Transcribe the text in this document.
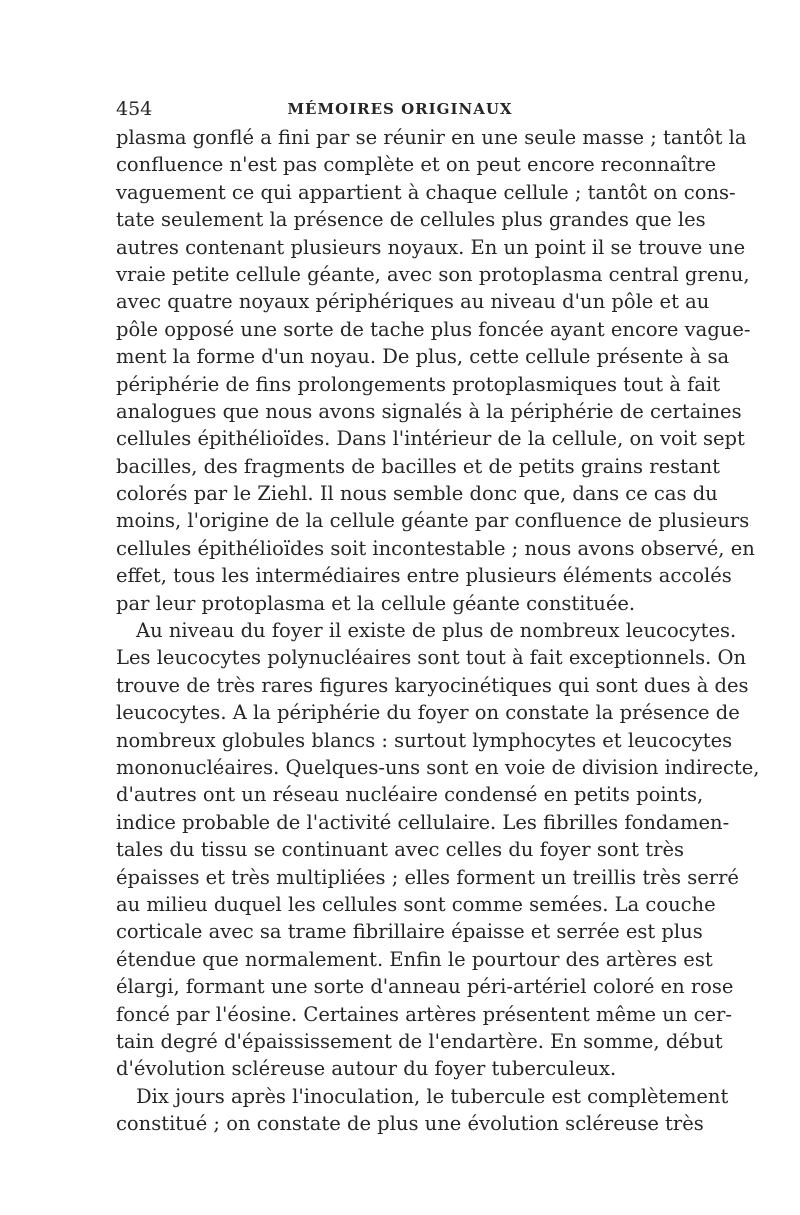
454	MÉMOIRES ORIGINAUX
plasma gonflé a fini par se réunir en une seule masse ; tantôt la
confluence n'est pas complète et on peut encore reconnaître
vaguement ce qui appartient à chaque cellule ; tantôt on cons-
tate seulement la présence de cellules plus grandes que les
autres contenant plusieurs noyaux. En un point il se trouve une
vraie petite cellule géante, avec son protoplasma central grenu,
avec quatre noyaux périphériques au niveau d'un pôle et au
pôle opposé une sorte de tache plus foncée ayant encore vague-
ment la forme d'un noyau. De plus, cette cellule présente à sa
périphérie de fins prolongements protoplasmiques tout à fait
analogues que nous avons signalés à la périphérie de certaines
cellules épithélioïdes. Dans l'intérieur de la cellule, on voit sept
bacilles, des fragments de bacilles et de petits grains restant
colorés par le Ziehl. Il nous semble donc que, dans ce cas du
moins, l'origine de la cellule géante par confluence de plusieurs
cellules épithélioïdes soit incontestable ; nous avons observé, en
effet, tous les intermédiaires entre plusieurs éléments accolés
par leur protoplasma et la cellule géante constituée.
Au niveau du foyer il existe de plus de nombreux leucocytes.
Les leucocytes polynucléaires sont tout à fait exceptionnels. On
trouve de très rares figures karyocinétiques qui sont dues à des
leucocytes. A la périphérie du foyer on constate la présence de
nombreux globules blancs : surtout lymphocytes et leucocytes
mononucléaires. Quelques-uns sont en voie de division indirecte,
d'autres ont un réseau nucléaire condensé en petits points,
indice probable de l'activité cellulaire. Les fibrilles fondamen-
tales du tissu se continuant avec celles du foyer sont très
épaisses et très multipliées ; elles forment un treillis très serré
au milieu duquel les cellules sont comme semées. La couche
corticale avec sa trame fibrillaire épaisse et serrée est plus
étendue que normalement. Enfin le pourtour des artères est
élargi, formant une sorte d'anneau péri-artériel coloré en rose
foncé par l'éosine. Certaines artères présentent même un cer-
tain degré d'épaississement de l'endartère. En somme, début
d'évolution scléreuse autour du foyer tuberculeux.
Dix jours après l'inoculation, le tubercule est complètement
constitué ; on constate de plus une évolution scléreuse très
